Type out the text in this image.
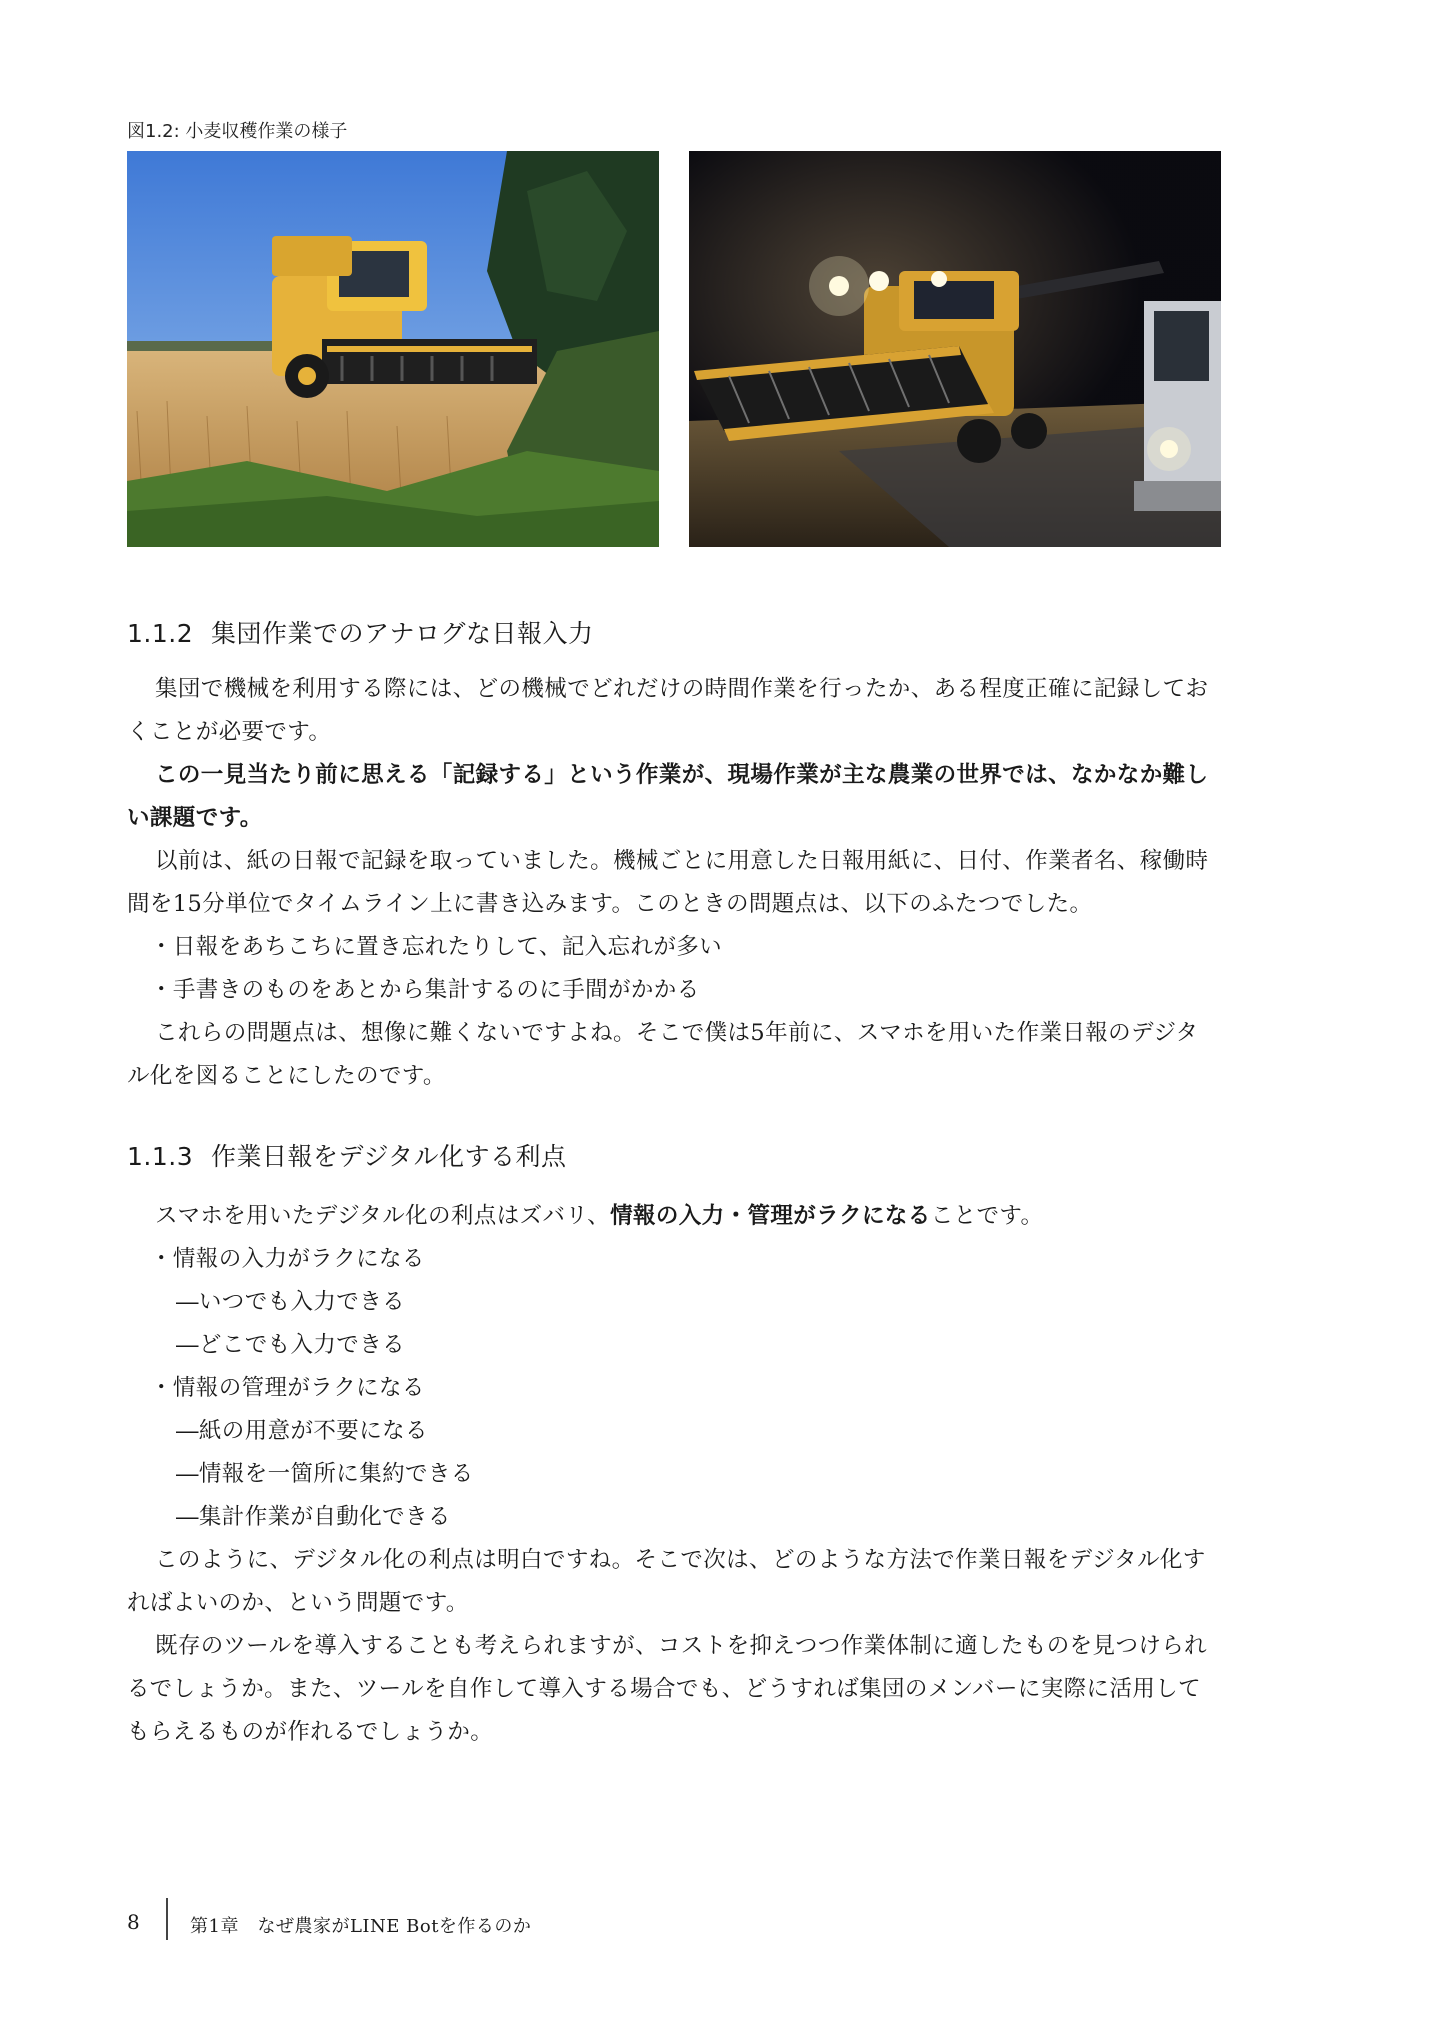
図1.2: 小麦収穫作業の様子
1.1.2 集団作業でのアナログな日報入力

集団で機械を利用する際には、どの機械でどれだけの時間作業を行ったか、ある程度正確に記録しておくことが必要です。

この一見当たり前に思える「記録する」という作業が、現場作業が主な農業の世界では、なかなか難しい課題です。

以前は、紙の日報で記録を取っていました。機械ごとに用意した日報用紙に、日付、作業者名、稼働時間を15分単位でタイムライン上に書き込みます。このときの問題点は、以下のふたつでした。

・日報をあちこちに置き忘れたりして、記入忘れが多い

・手書きのものをあとから集計するのに手間がかかる

これらの問題点は、想像に難くないですよね。そこで僕は5年前に、スマホを用いた作業日報のデジタル化を図ることにしたのです。

1.1.3 作業日報をデジタル化する利点

スマホを用いたデジタル化の利点はズバリ、情報の入力・管理がラクになることです。

・情報の入力がラクになる

―いつでも入力できる

―どこでも入力できる

・情報の管理がラクになる

―紙の用意が不要になる

―情報を一箇所に集約できる

―集計作業が自動化できる

このように、デジタル化の利点は明白ですね。そこで次は、どのような方法で作業日報をデジタル化すればよいのか、という問題です。

既存のツールを導入することも考えられますが、コストを抑えつつ作業体制に適したものを見つけられるでしょうか。また、ツールを自作して導入する場合でも、どうすれば集団のメンバーに実際に活用してもらえるものが作れるでしょうか。

8	第1章　なぜ農家がLINE Botを作るのか
